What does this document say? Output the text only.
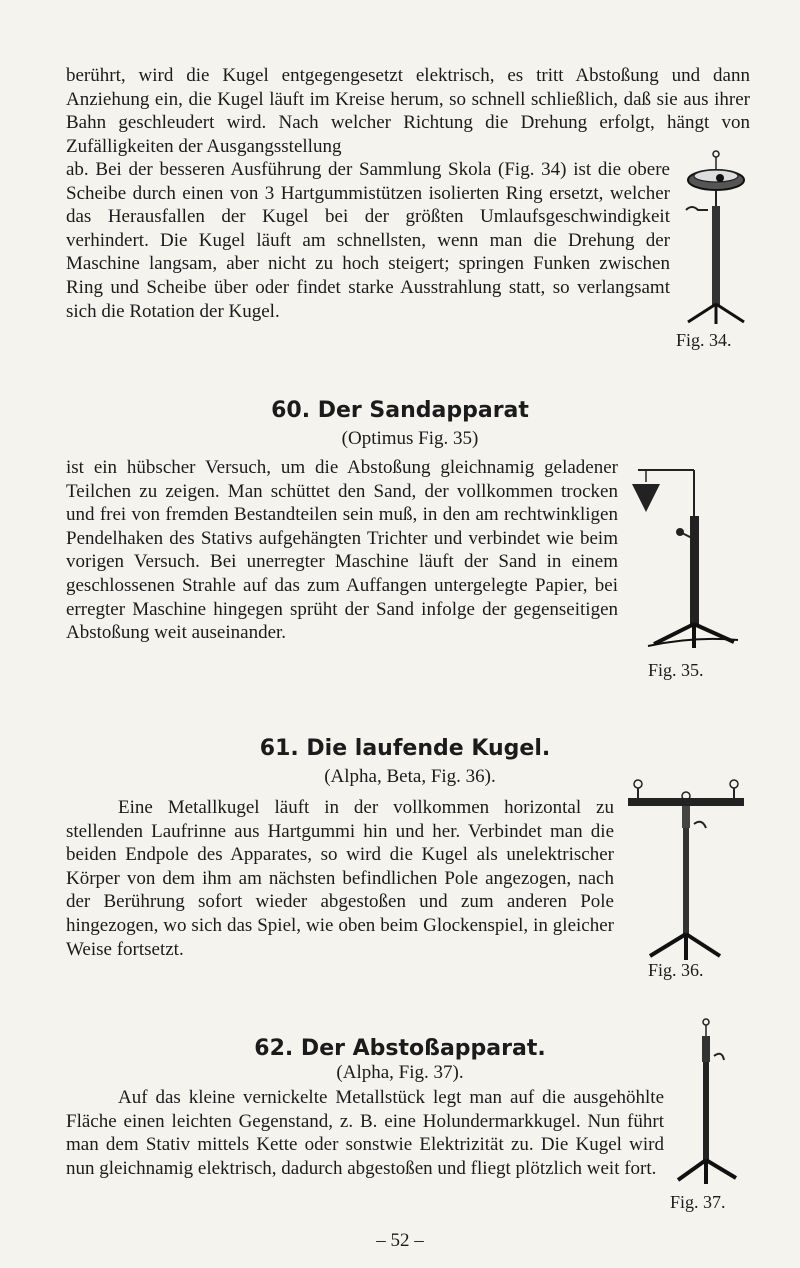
berührt, wird die Kugel entgegengesetzt elektrisch, es tritt Abstoßung und dann Anziehung ein, die Kugel läuft im Kreise herum, so schnell schließlich, daß sie aus ihrer Bahn geschleudert wird. Nach welcher Richtung die Drehung erfolgt, hängt von Zufälligkeiten der Ausgangsstellung

ab. Bei der besseren Ausführung der Sammlung Skola (Fig. 34) ist die obere Scheibe durch einen von 3 Hartgummistützen isolierten Ring ersetzt, welcher das Herausfallen der Kugel bei der größten Umlaufsgeschwindigkeit verhindert. Die Kugel läuft am schnellsten, wenn man die Drehung der Maschine langsam, aber nicht zu hoch steigert; springen Funken zwischen Ring und Scheibe über oder findet starke Ausstrahlung statt, so verlangsamt sich die Rotation der Kugel.

Fig. 34.

60. Der Sandapparat

(Optimus Fig. 35)

ist ein hübscher Versuch, um die Abstoßung gleichnamig geladener Teilchen zu zeigen. Man schüttet den Sand, der vollkommen trocken und frei von fremden Bestandteilen sein muß, in den am rechtwinkligen Pendelhaken des Stativs aufgehängten Trichter und verbindet wie beim vorigen Versuch. Bei unerregter Maschine läuft der Sand in einem geschlossenen Strahle auf das zum Auffangen untergelegte Papier, bei erregter Maschine hingegen sprüht der Sand infolge der gegenseitigen Abstoßung weit auseinander.

Fig. 35.

61. Die laufende Kugel.

(Alpha, Beta, Fig. 36).

Eine Metallkugel läuft in der vollkommen horizontal zu stellenden Laufrinne aus Hartgummi hin und her. Verbindet man die beiden Endpole des Apparates, so wird die Kugel als unelektrischer Körper von dem ihm am nächsten befindlichen Pole angezogen, nach der Berührung sofort wieder abgestoßen und zum anderen Pole hingezogen, wo sich das Spiel, wie oben beim Glockenspiel, in gleicher Weise fortsetzt.

Fig. 36.

62. Der Abstoßapparat.

(Alpha, Fig. 37).

Auf das kleine vernickelte Metallstück legt man auf die ausgehöhlte Fläche einen leichten Gegenstand, z. B. eine Holundermarkkugel. Nun führt man dem Stativ mittels Kette oder sonstwie Elektrizität zu. Die Kugel wird nun gleichnamig elektrisch, dadurch abgestoßen und fliegt plötzlich weit fort.

Fig. 37.

– 52 –
